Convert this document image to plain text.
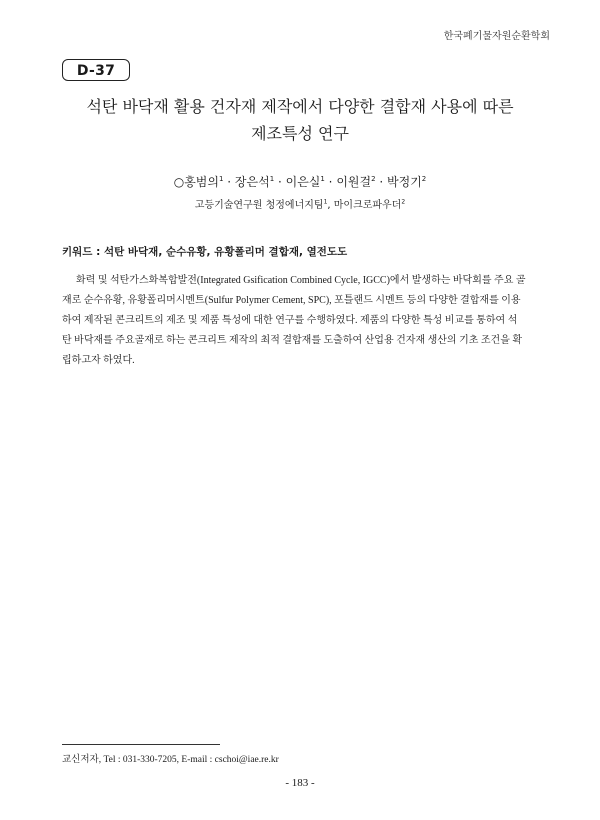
한국폐기물자원순환학회
D-37
석탄 바닥재 활용 건자재 제작에서 다양한 결합재 사용에 따른
제조특성 연구
○홍범의$^1$ · 장은석$^1$ · 이은실$^1$ · 이원걸$^2$ · 박정기$^2$
고등기술연구원 청정에너지팀$^1$, 마이크로파우더$^2$
키워드 : 석탄 바닥재, 순수유황, 유황폴리머 결합재, 열전도도
화력 및 석탄가스화복합발전(Integrated Gsification Combined Cycle, IGCC)에서 발생하는 바닥회를 주요 골
재로 순수유황, 유황폴리머시멘트(Sulfur Polymer Cement, SPC), 포틀랜드 시멘트 등의 다양한 결합재를 이용
하여 제작된 콘크리트의 제조 및 제품 특성에 대한 연구를 수행하였다. 제품의 다양한 특성 비교를 통하여 석
탄 바닥재를 주요골재로 하는 콘크리트 제작의 최적 결합재를 도출하여 산업용 건자재 생산의 기초 조건을 확
립하고자 하였다.
교신저자, Tel : 031-330-7205, E-mail : cschoi@iae.re.kr
- 183 -
